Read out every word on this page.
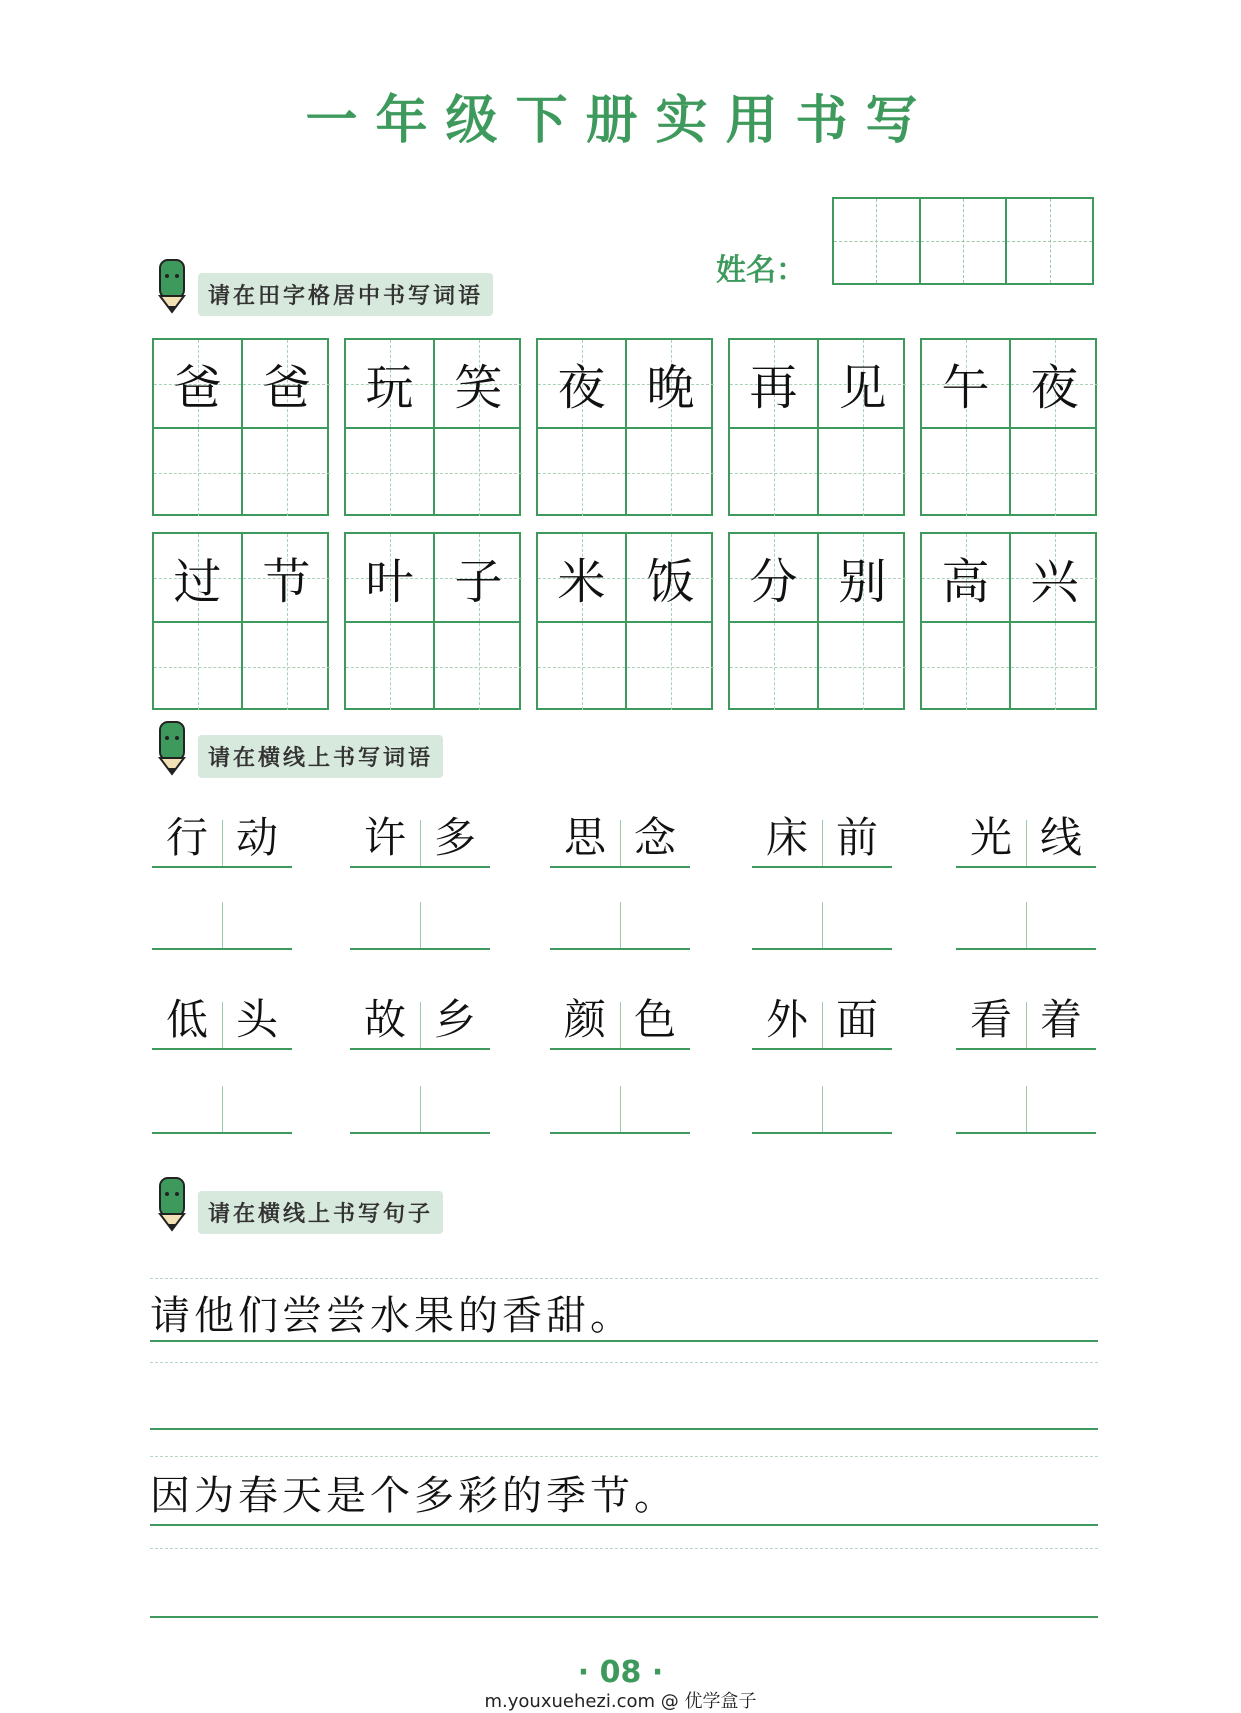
一年级下册实用书写
姓名：
请在田字格居中书写词语
爸 爸	玩 笑	夜 晚	再 见	午 夜
过 节	叶 子	米 饭	分 别	高 兴
请在横线上书写词语
行 动	许 多	思 念	床 前	光 线
低 头	故 乡	颜 色	外 面	看 着
请在横线上书写句子
请他们尝尝水果的香甜。
因为春天是个多彩的季节。
· 08 ·
m.youxuehezi.com @ 优学盒子
